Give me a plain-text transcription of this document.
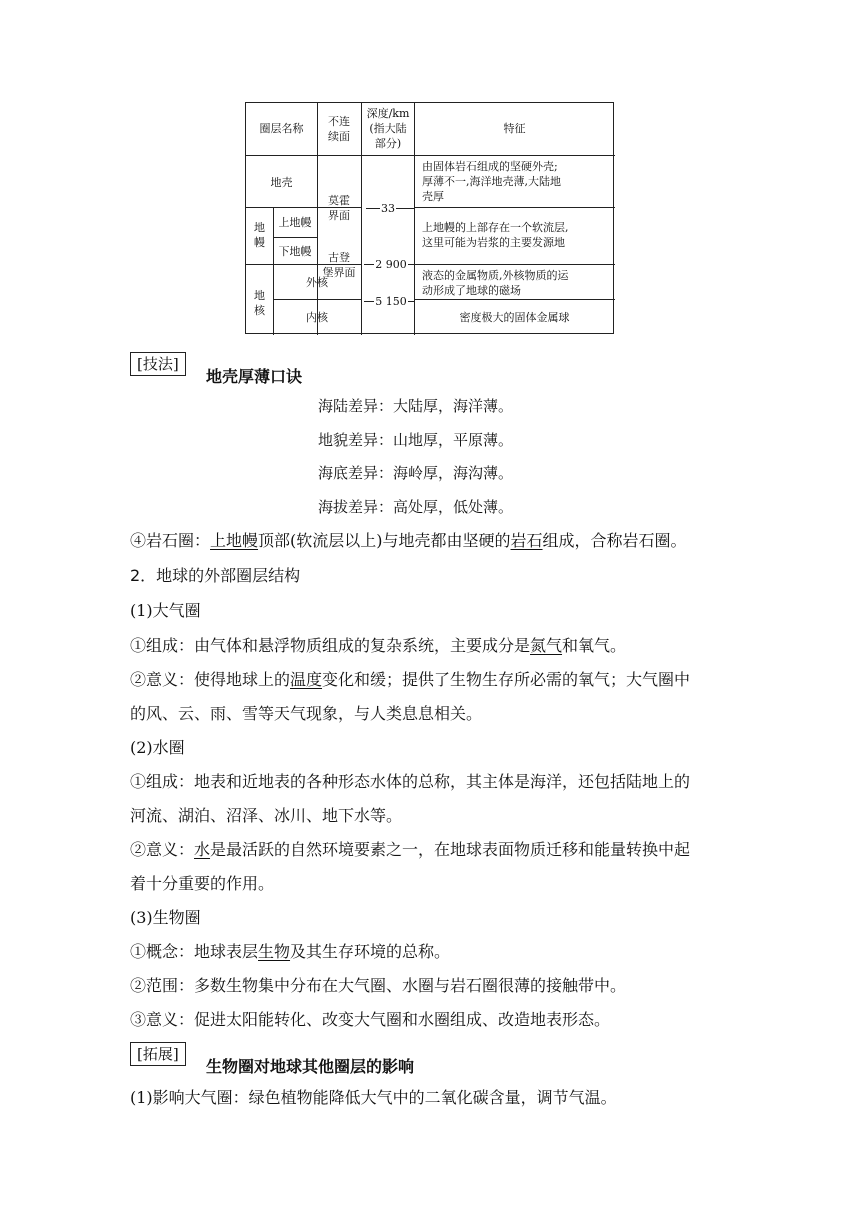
圈层名称
不连
续面
深度/km
(指大陆
部分)
特征
地壳
由固体岩石组成的坚硬外壳;
厚薄不一,海洋地壳薄,大陆地
壳厚
莫霍
界面
古登
堡界面
33
2 900
5 150
地
幔
上地幔
下地幔
上地幔的上部存在一个软流层,
这里可能为岩浆的主要发源地
地
核
外核
内核
液态的金属物质,外核物质的运
动形成了地球的磁场
密度极大的固体金属球
[技法]
地壳厚薄口诀
海陆差异：大陆厚，海洋薄。
地貌差异：山地厚，平原薄。
海底差异：海岭厚，海沟薄。
海拔差异：高处厚，低处薄。
④岩石圈：上地幔顶部(软流层以上)与地壳都由坚硬的岩石组成，合称岩石圈。
2．地球的外部圈层结构
(1)大气圈
①组成：由气体和悬浮物质组成的复杂系统，主要成分是氮气和氧气。
②意义：使得地球上的温度变化和缓；提供了生物生存所必需的氧气；大气圈中
的风、云、雨、雪等天气现象，与人类息息相关。
(2)水圈
①组成：地表和近地表的各种形态水体的总称，其主体是海洋，还包括陆地上的
河流、湖泊、沼泽、冰川、地下水等。
②意义：水是最活跃的自然环境要素之一，在地球表面物质迁移和能量转换中起
着十分重要的作用。
(3)生物圈
①概念：地球表层生物及其生存环境的总称。
②范围：多数生物集中分布在大气圈、水圈与岩石圈很薄的接触带中。
③意义：促进太阳能转化、改变大气圈和水圈组成、改造地表形态。
[拓展]
生物圈对地球其他圈层的影响
(1)影响大气圈：绿色植物能降低大气中的二氧化碳含量，调节气温。
